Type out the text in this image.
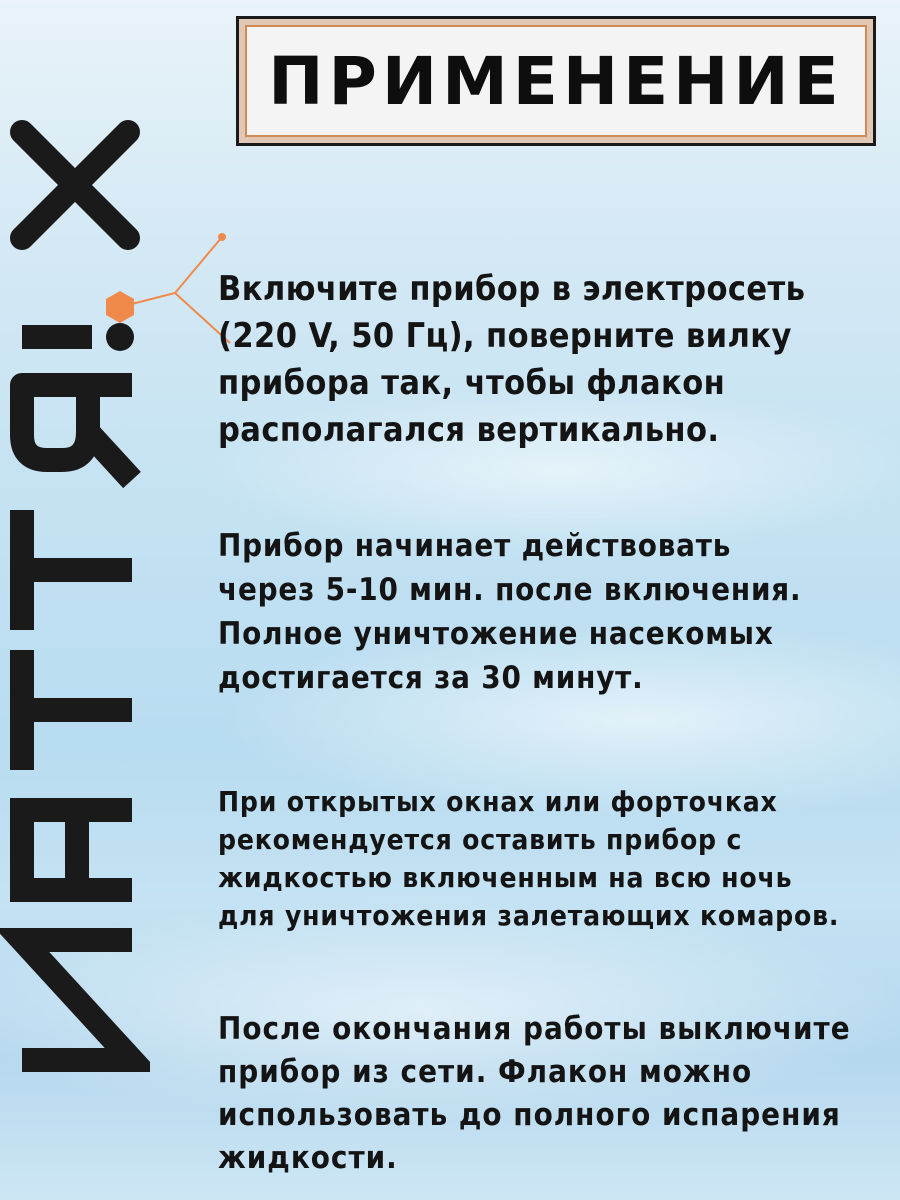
ПРИМЕНЕНИЕ

Включите прибор в электросеть
(220 V, 50 Гц), поверните вилку
прибора так, чтобы флакон
располагался вертикально.

Прибор начинает действовать
через 5-10 мин. после включения.
Полное уничтожение насекомых
достигается за 30 минут.

При открытых окнах или форточках
рекомендуется оставить прибор с
жидкостью включенным на всю ночь
для уничтожения залетающих комаров.

После окончания работы выключите
прибор из сети. Флакон можно
использовать до полного испарения
жидкости.
